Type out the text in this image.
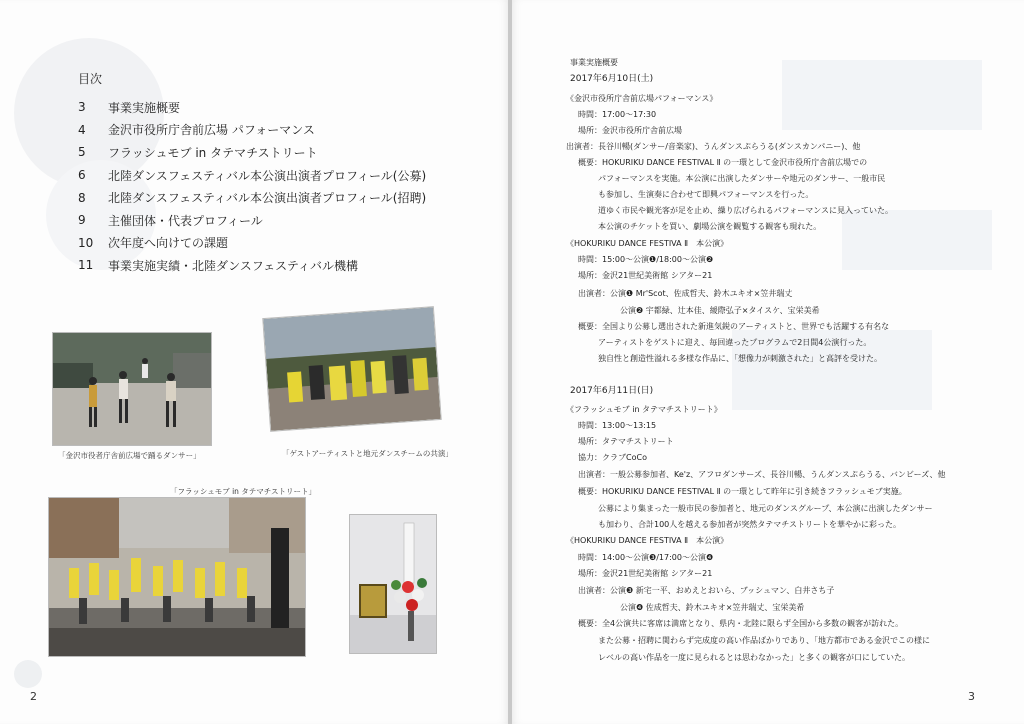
目次
3	事業実施概要
4	金沢市役所庁舎前広場 パフォーマンス
5	フラッシュモブ in タテマチストリート
6	北陸ダンスフェスティバル本公演出演者プロフィール(公募)
8	北陸ダンスフェスティバル本公演出演者プロフィール(招聘)
9	主催団体・代表プロフィール
10	次年度へ向けての課題
11	事業実施実績・北陸ダンスフェスティバル機構
「金沢市役者庁舎前広場で踊るダンサー」	「ゲストアーティストと地元ダンスチームの共演」
「フラッシュモブ in タテマチストリート」
2	3
事業実施概要
2017年6月10日(土)
《金沢市役所庁舎前広場パフォーマンス》
時間：17:00〜17:30
場所：金沢市役所庁舎前広場
出演者：長谷川暢(ダンサー/音楽家)、うんダンスぷらうる(ダンスカンパニー)、他
概要：HOKURIKU DANCE FESTIVAL Ⅱ の一環として金沢市役所庁舎前広場での
パフォーマンスを実施。本公演に出演したダンサーや地元のダンサー、一般市民
も参加し、生演奏に合わせて即興パフォーマンスを行った。
道ゆく市民や観光客が足を止め、繰り広げられるパフォーマンスに見入っていた。
本公演のチケットを買い、劇場公演を観覧する観客も現れた。
《HOKURIKU DANCE FESTIVA Ⅱ　本公演》
時間：15:00〜公演❶/18:00〜公演❷
場所：金沢21世紀美術館 シアター21
出演者：公演❶ Mr'Scot、佐成哲夫、鈴木ユキオ×笠井瑞丈
公演❷ 宇都緑、辻本佳、緩際弘子×タイスケ、宝栄美希
概要：全国より公募し選出された新進気鋭のアーティストと、世界でも活躍する有名な
アーティストをゲストに迎え、毎回違ったプログラムで2日間4公演行った。
独自性と創造性溢れる多様な作品に、「想像力が刺激された」と高評を受けた。
2017年6月11日(日)
《フラッシュモブ in タテマチストリート》
時間：13:00〜13:15
場所：タテマチストリート
協力：クラブCoCo
出演者：一般公募参加者、Ke'z、アフロダンサーズ、長谷川暢、うんダンスぷらうる、バンビーズ、他
概要：HOKURIKU DANCE FESTIVAL Ⅱ の一環として昨年に引き続きフラッシュモブ実施。
公募により集まった一般市民の参加者と、地元のダンスグループ、本公演に出演したダンサー
も加わり、合計100人を越える参加者が突然タテマチストリートを華やかに彩った。
《HOKURIKU DANCE FESTIVA Ⅱ　本公演》
時間：14:00〜公演❸/17:00〜公演❹
場所：金沢21世紀美術館 シアター21
出演者：公演❸ 新宅一平、おめえとおいら、ブッシュマン、白井さち子
公演❹ 佐成哲夫、鈴木ユキオ×笠井瑞丈、宝栄美希
概要：全4公演共に客席は満席となり、県内・北陸に限らず全国から多数の観客が訪れた。
また公募・招聘に関わらず完成度の高い作品ばかりであり、「地方都市である金沢でこの様に
レベルの高い作品を一度に見られるとは思わなかった」と多くの観客が口にしていた。
